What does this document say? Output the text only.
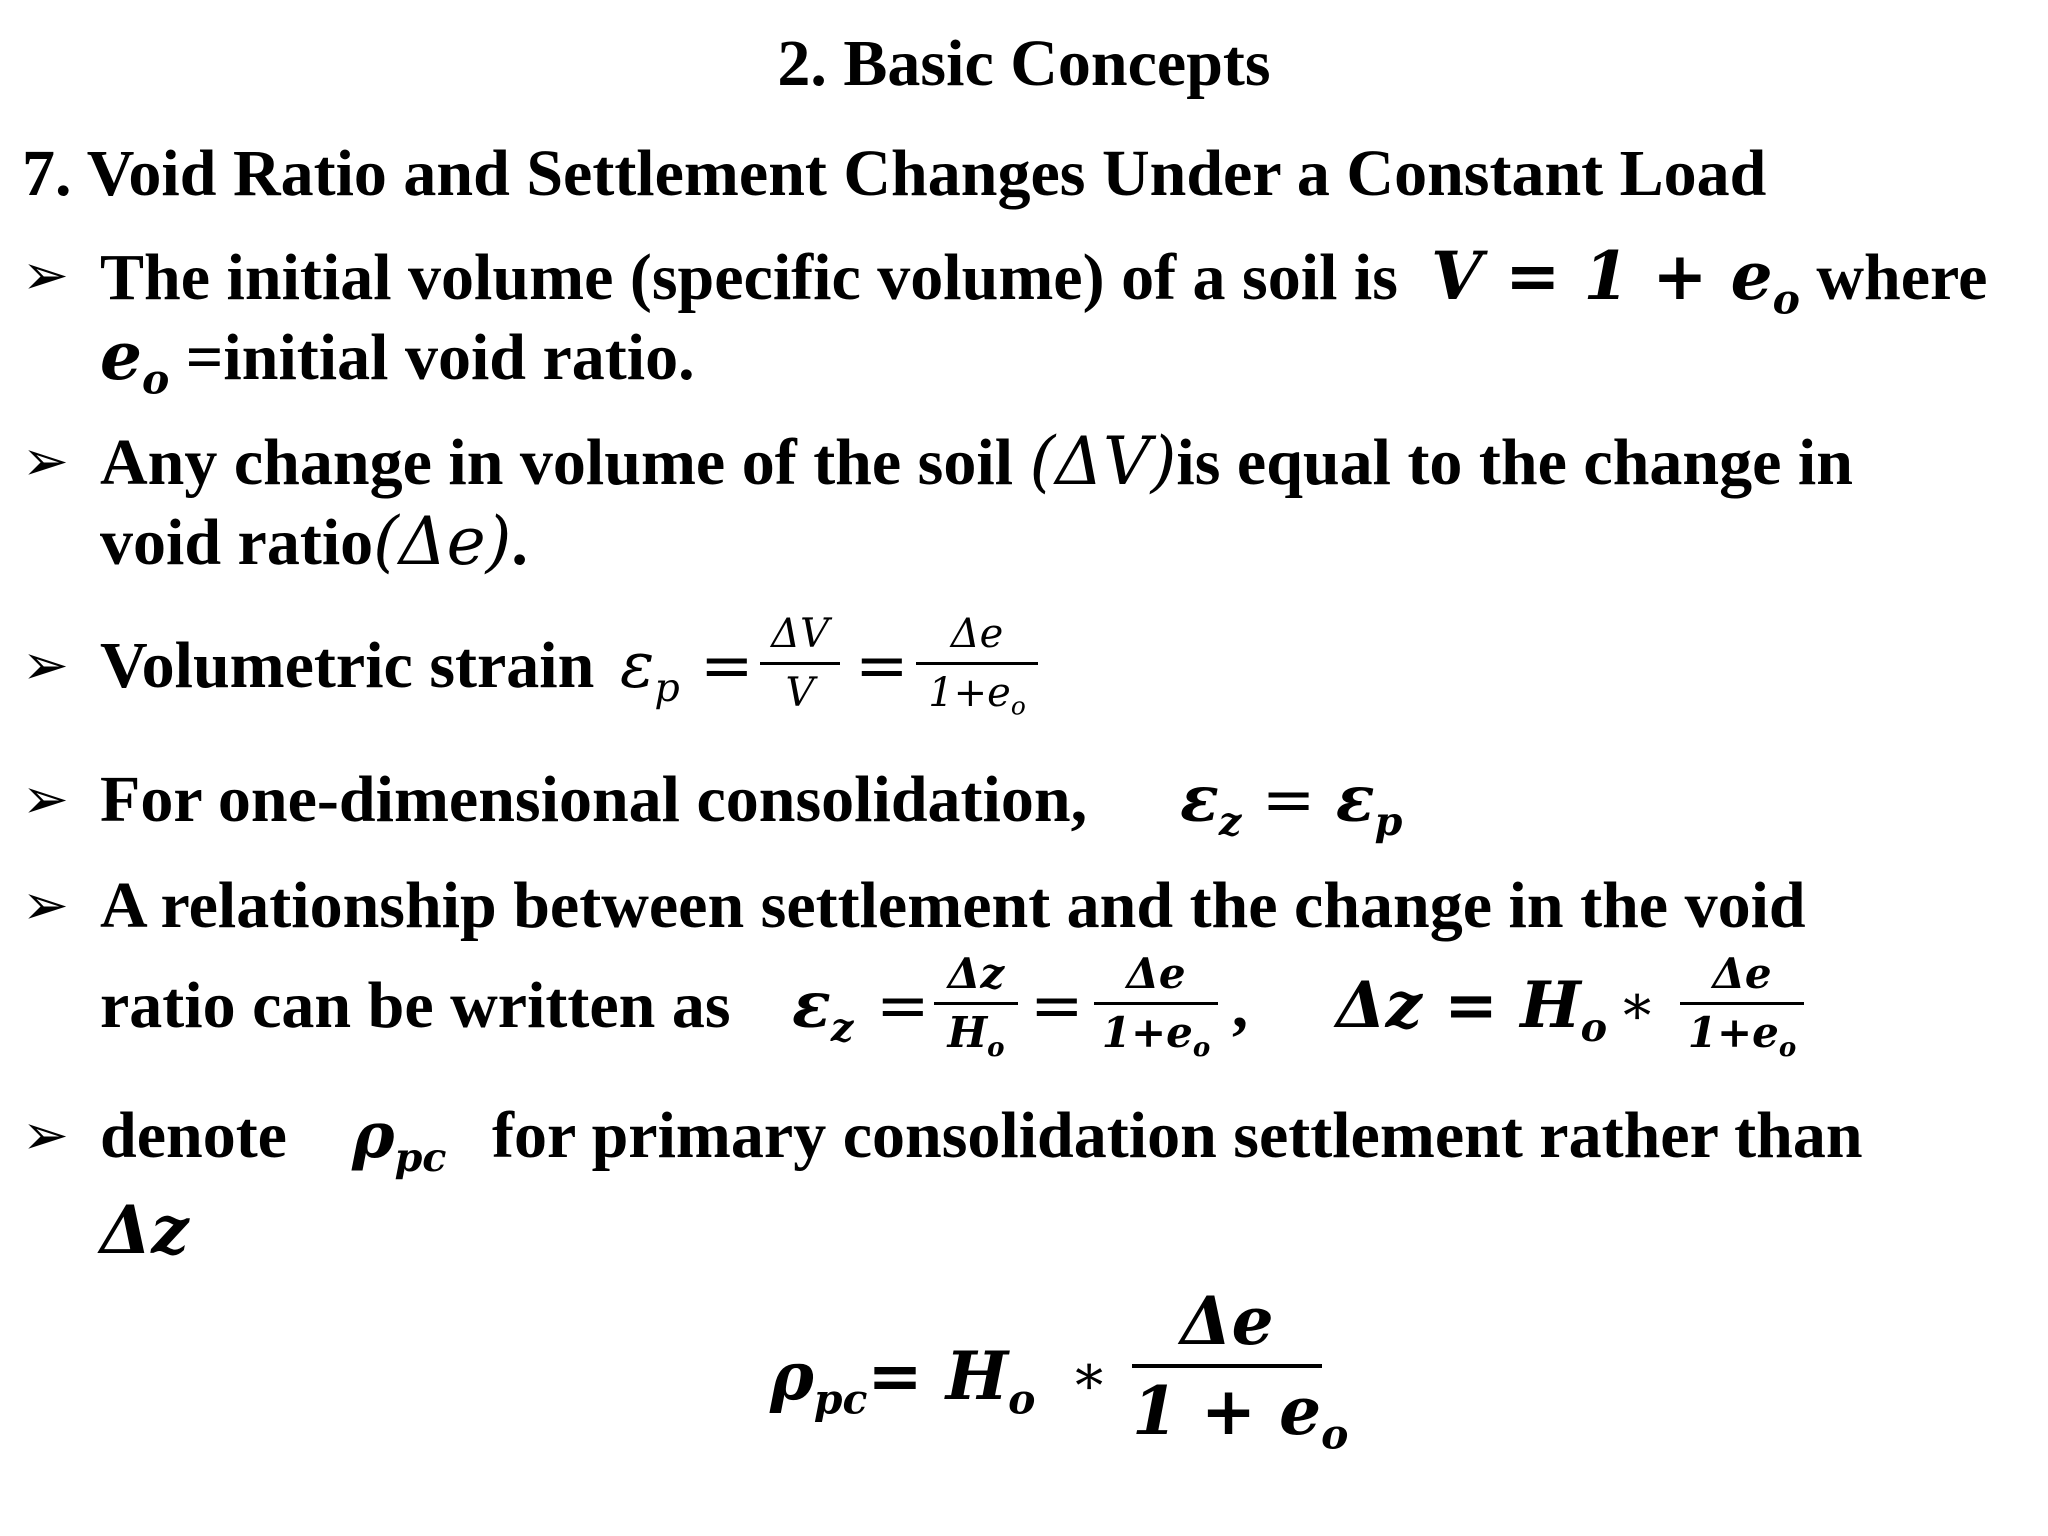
2. Basic Concepts
7. Void Ratio and Settlement Changes Under a Constant Load
➢ The initial volume (specific volume) of a soil is $V = 1 + e_o$ where
$e_o$ =initial void ratio.
➢ Any change in volume of the soil (ΔV)is equal to the change in
void ratio(Δe).
➢ Volumetric strain $\varepsilon_p = \Delta V$
V =	Δe
$1+e_o$
➢ For one-dimensional consolidation, $\varepsilon_z = \varepsilon_p$
➢ A relationship between settlement and the change in the void
ratio can be written as $\varepsilon_z = \Delta z$
$H_o$
=	Δe
$1+e_o$
, $\Delta z = H_o$ ∗	Δe
$1+e_o$
➢ denote $\rho_{pc}$ for primary consolidation settlement rather than
Δz
$\rho_{pc}= H_o$ ∗
Δe
$1 + e_o$
